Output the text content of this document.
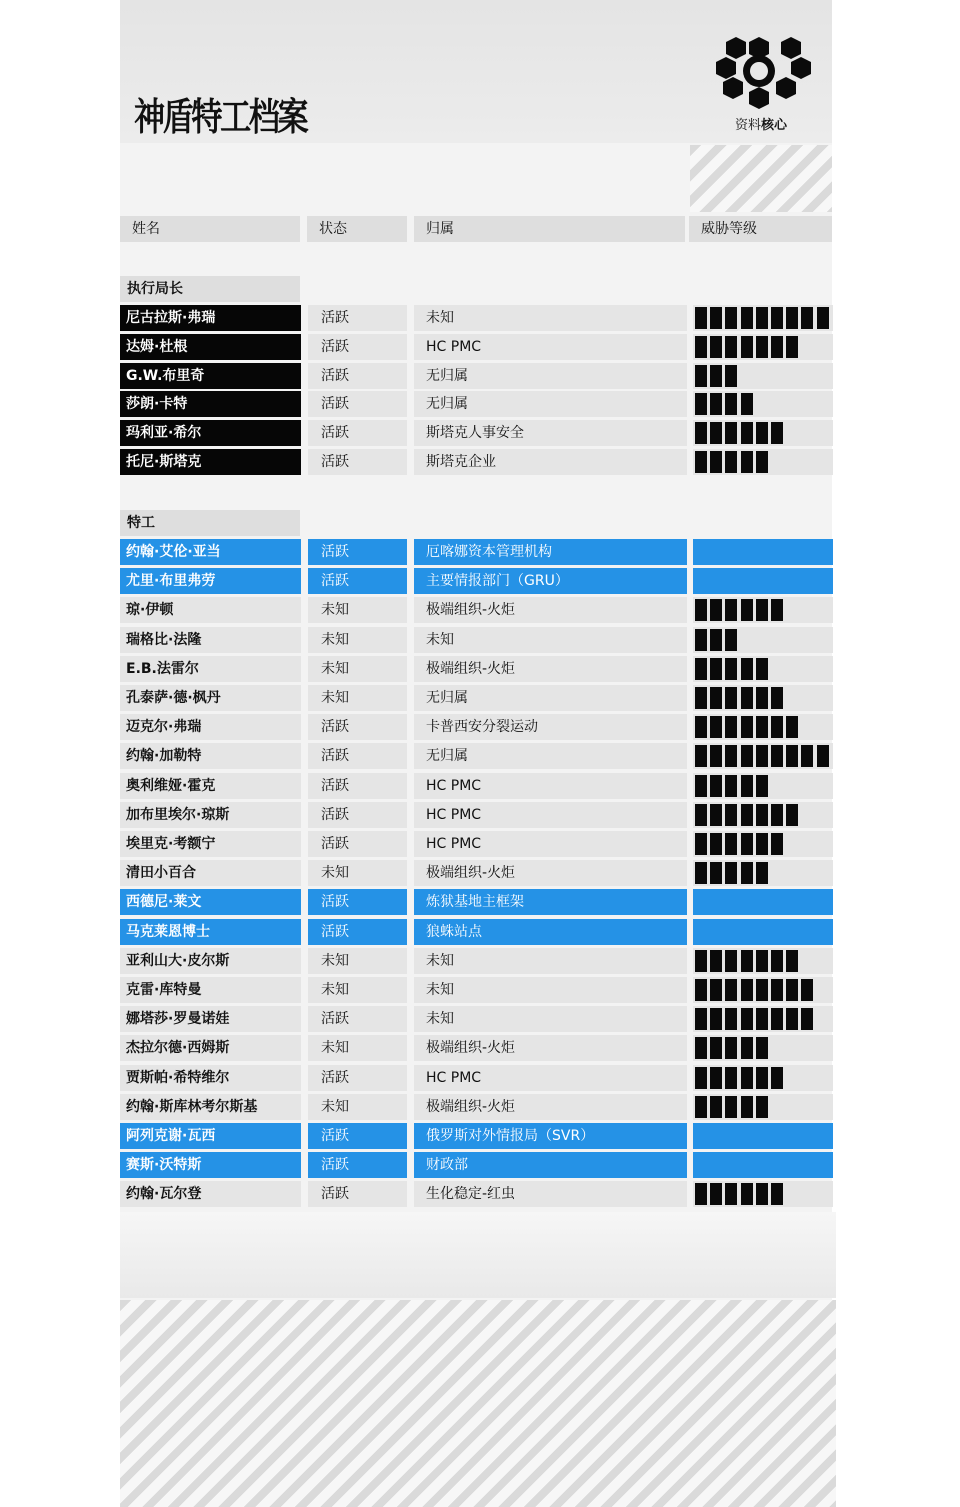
神盾特工档案	资料核心
姓名	状态	归属	威胁等级
执行局长
特工
尼古拉斯·弗瑞	活跃	未知
达姆·杜根	活跃	HC PMC
G.W.布里奇	活跃	无归属
莎朗·卡特	活跃	无归属
玛利亚·希尔	活跃	斯塔克人事安全
托尼·斯塔克	活跃	斯塔克企业
约翰·艾伦·亚当	活跃	厄喀娜资本管理机构
尤里·布里弗劳	活跃	主要情报部门（GRU）
琼·伊顿	未知	极端组织-火炬
瑞格比·法隆	未知	未知
E.B.法雷尔	未知	极端组织-火炬
孔泰萨·德·枫丹	未知	无归属
迈克尔·弗瑞	活跃	卡普西安分裂运动
约翰·加勒特	活跃	无归属
奥利维娅·霍克	活跃	HC PMC
加布里埃尔·琼斯	活跃	HC PMC
埃里克·考额宁	活跃	HC PMC
清田小百合	未知	极端组织-火炬
西德尼·莱文	活跃	炼狱基地主框架
马克莱恩博士	活跃	狼蛛站点
亚利山大·皮尔斯	未知	未知
克雷·库特曼	未知	未知
娜塔莎·罗曼诺娃	活跃	未知
杰拉尔德·西姆斯	未知	极端组织-火炬
贾斯帕·希特维尔	活跃	HC PMC
约翰·斯库林考尔斯基	未知	极端组织-火炬
阿列克谢·瓦西	活跃	俄罗斯对外情报局（SVR）
赛斯·沃特斯	活跃	财政部
约翰·瓦尔登	活跃	生化稳定-红虫
